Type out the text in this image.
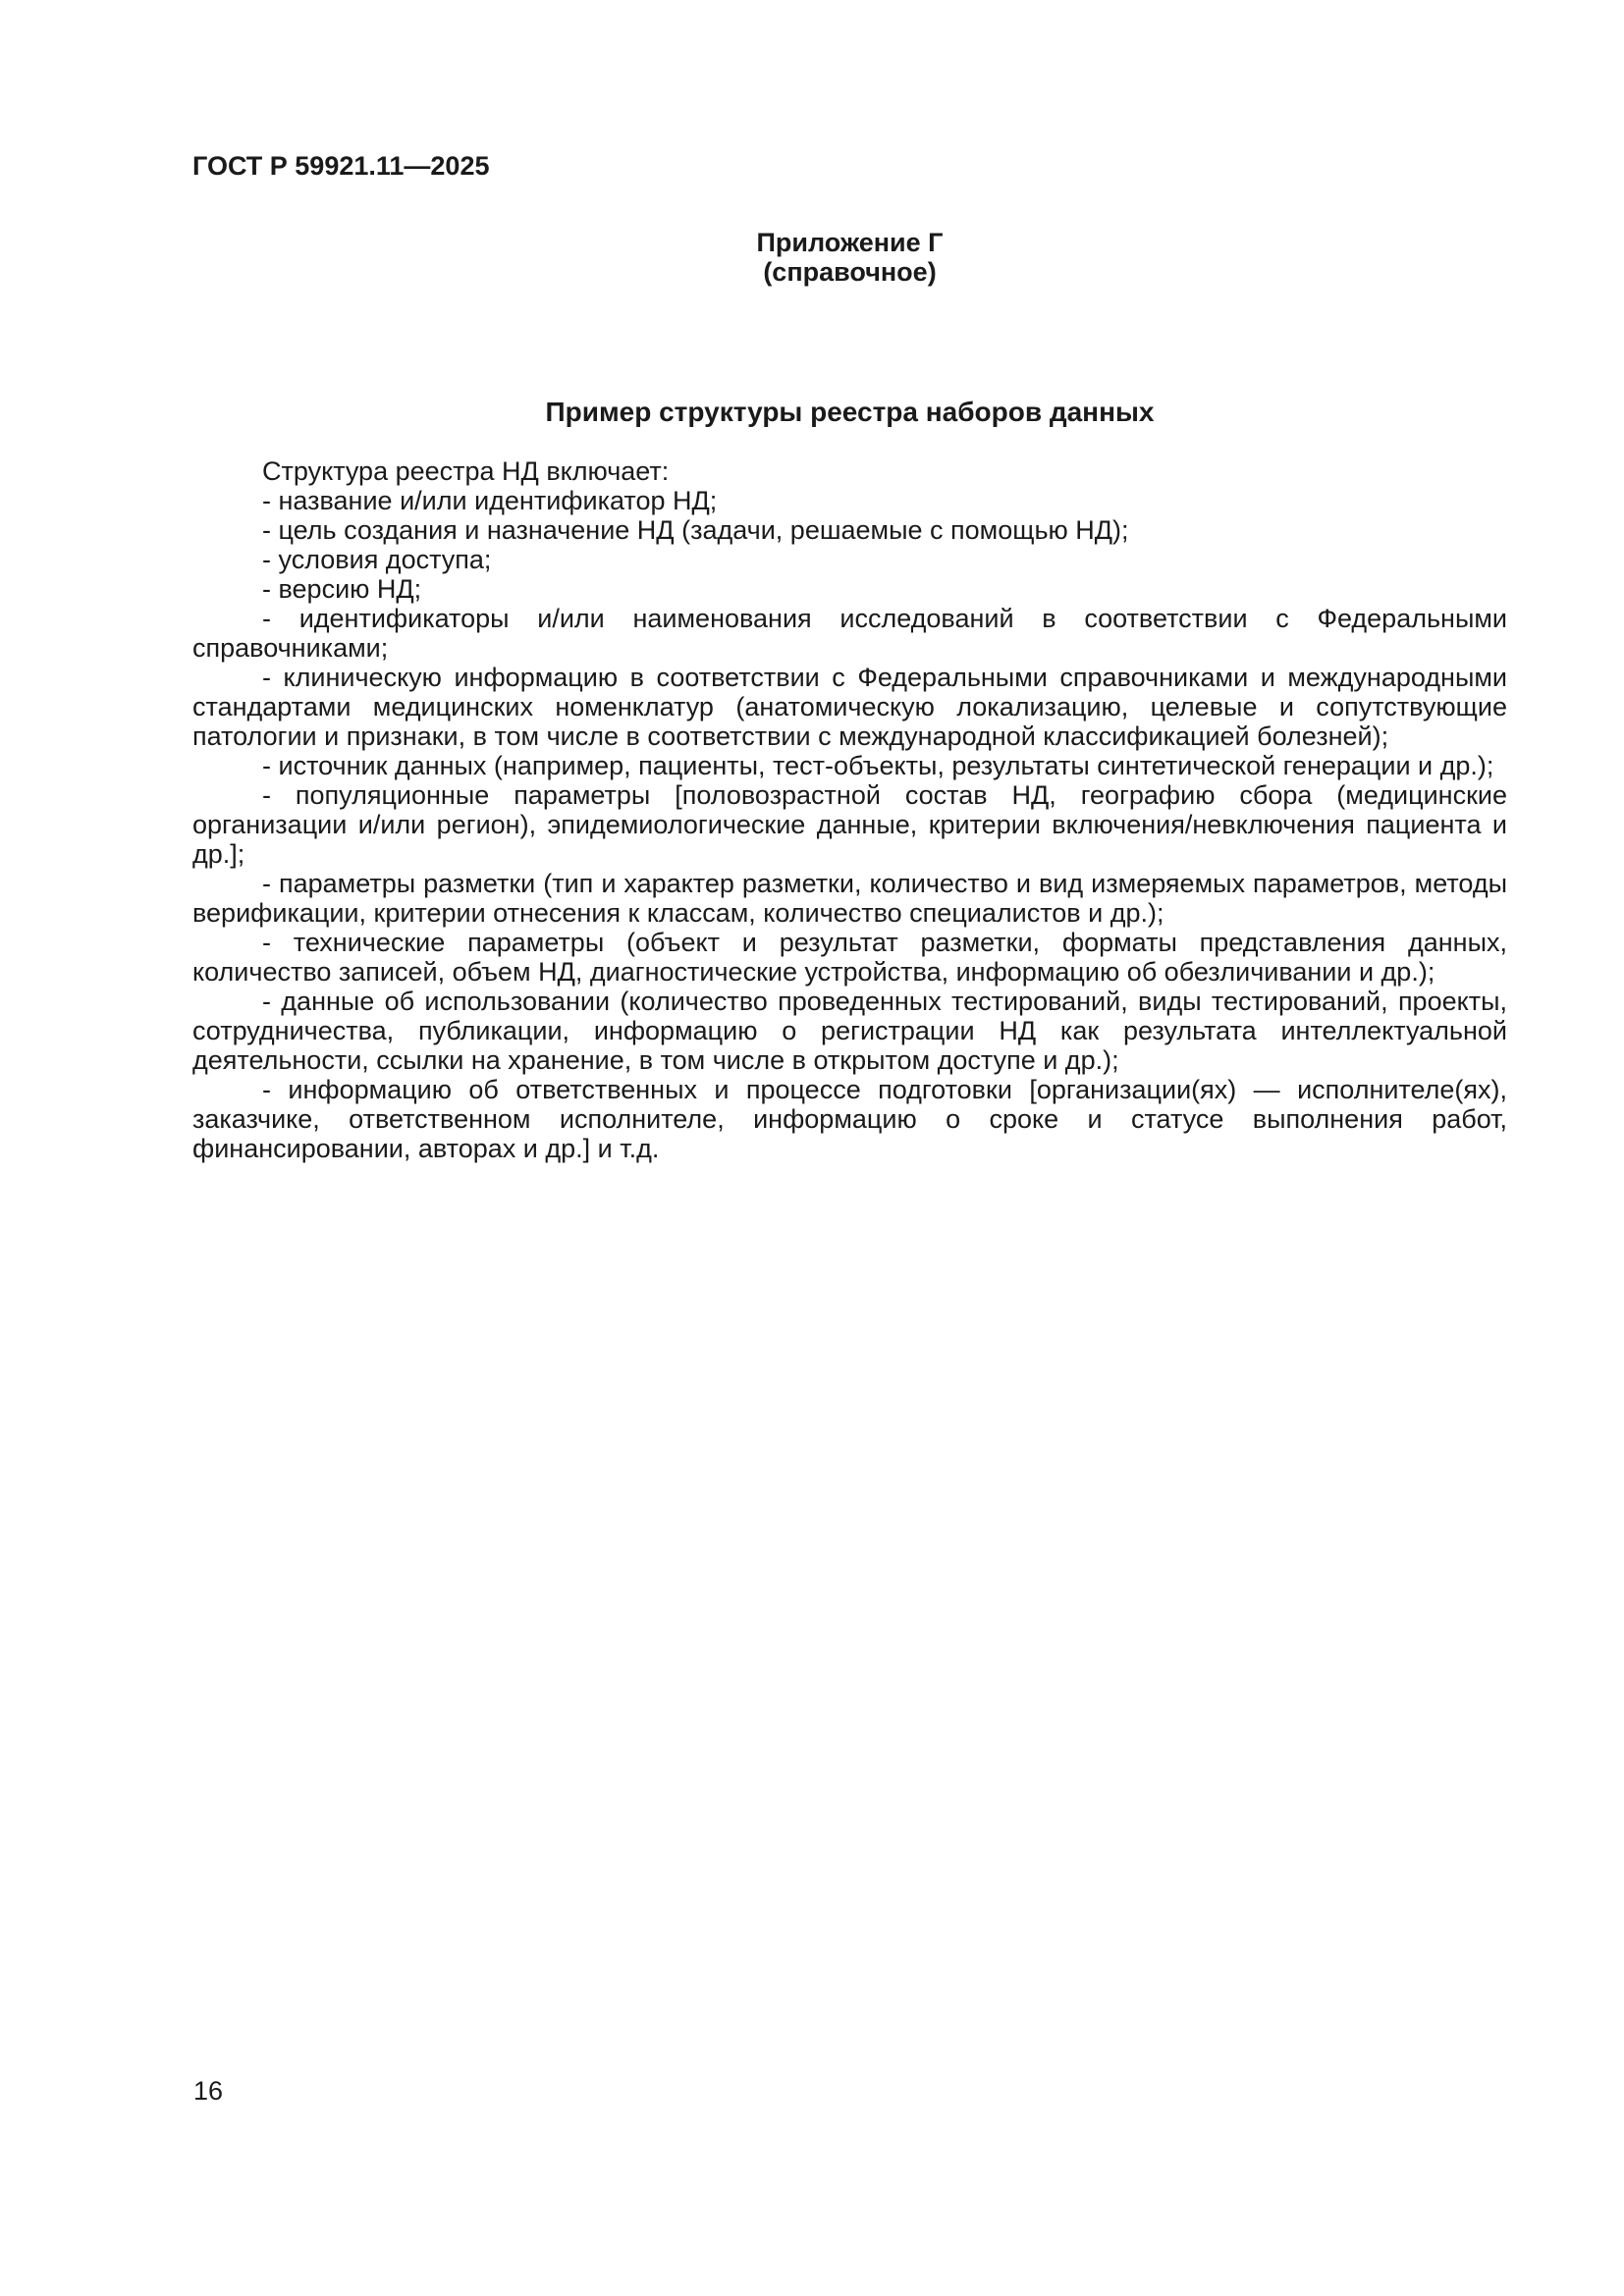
ГОСТ Р 59921.11—2025
Приложение Г
(справочное)
Пример структуры реестра наборов данных

Структура реестра НД включает:

- название и/или идентификатор НД;

- цель создания и назначение НД (задачи, решаемые с помощью НД);

- условия доступа;

- версию НД;

- идентификаторы и/или наименования исследований в соответствии с Федеральными справочниками;

- клиническую информацию в соответствии с Федеральными справочниками и международными стандартами медицинских номенклатур (анатомическую локализацию, целевые и сопутствующие патологии и признаки, в том числе в соответствии с международной классификацией болезней);

- источник данных (например, пациенты, тест-объекты, результаты синтетической генерации и др.);

- популяционные параметры [половозрастной состав НД, географию сбора (медицинские организации и/или регион), эпидемиологические данные, критерии включения/невключения пациента и др.];

- параметры разметки (тип и характер разметки, количество и вид измеряемых параметров, методы верификации, критерии отнесения к классам, количество специалистов и др.);

- технические параметры (объект и результат разметки, форматы представления данных, количество записей, объем НД, диагностические устройства, информацию об обезличивании и др.);

- данные об использовании (количество проведенных тестирований, виды тестирований, проекты, сотрудничества, публикации, информацию о регистрации НД как результата интеллектуальной деятельности, ссылки на хранение, в том числе в открытом доступе и др.);

- информацию об ответственных и процессе подготовки [организации(ях) — исполнителе(ях), заказчике, ответственном исполнителе, информацию о сроке и статусе выполнения работ, финансировании, авторах и др.] и т.д.

16
